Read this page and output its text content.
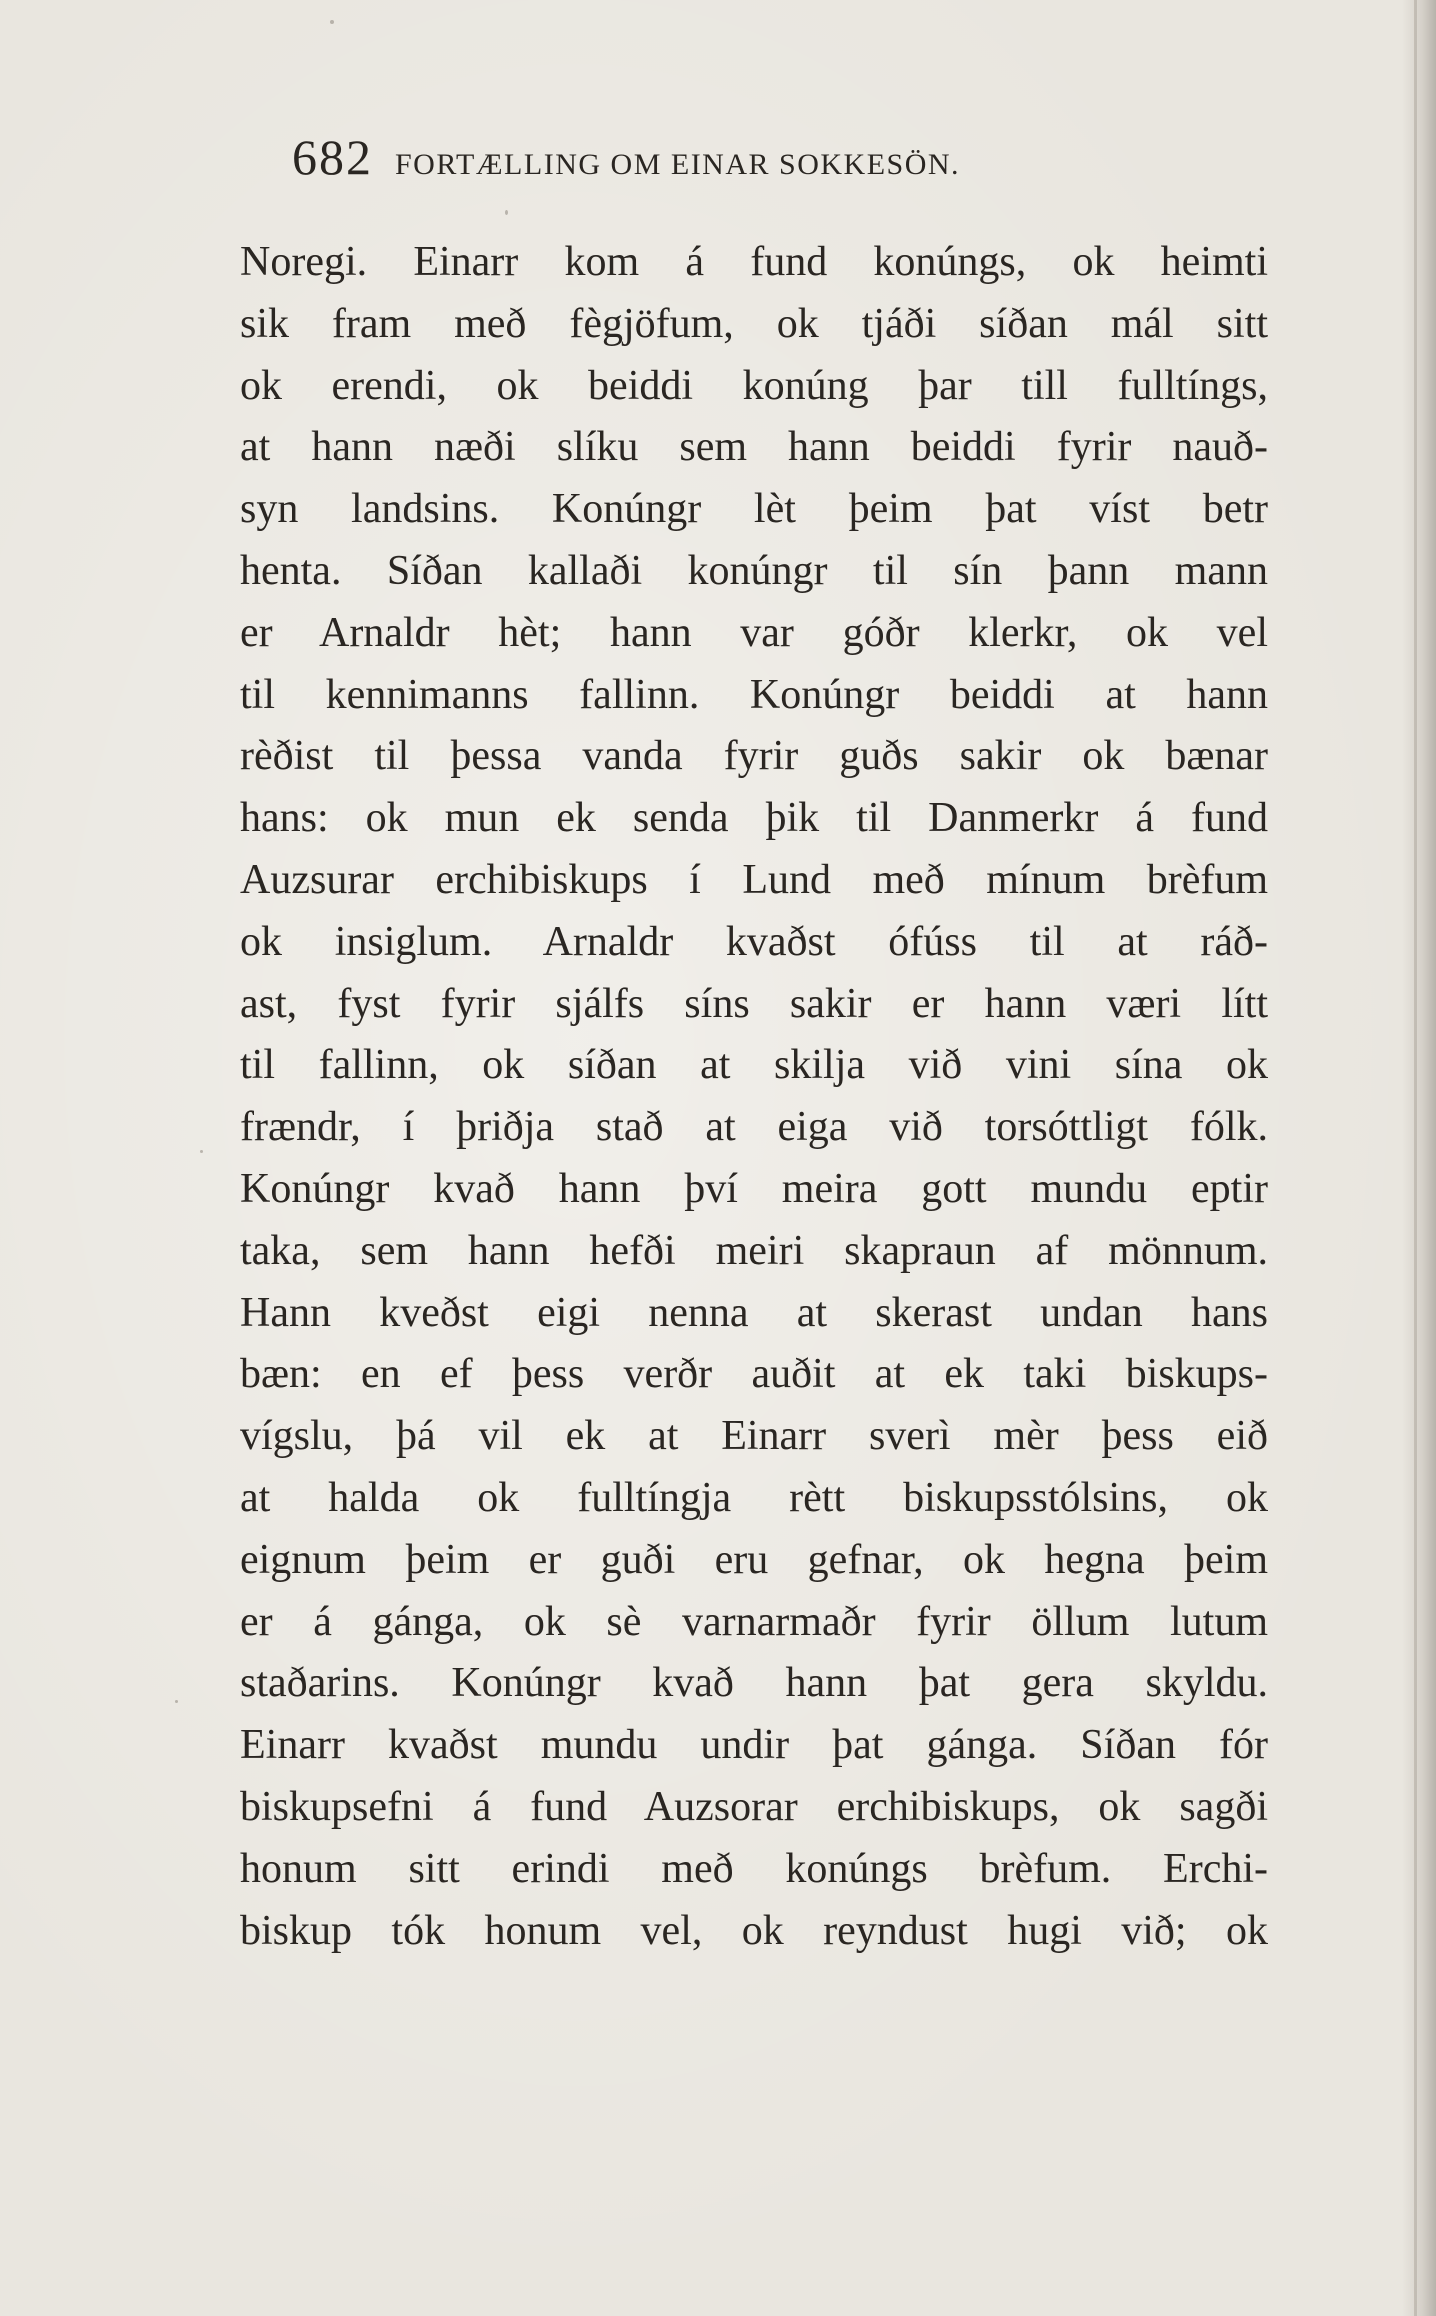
682 FORTÆLLING OM EINAR SOKKESÖN.
Noregi. Einarr kom á fund konúngs, ok heimti
sik fram með fègjöfum, ok tjáði síðan mál sitt
ok erendi, ok beiddi konúng þar till fulltíngs,
at hann næði slíku sem hann beiddi fyrir nauð-
syn landsins. Konúngr lèt þeim þat víst betr
henta. Síðan kallaði konúngr til sín þann mann
er Arnaldr hèt; hann var góðr klerkr, ok vel
til kennimanns fallinn. Konúngr beiddi at hann
rèðist til þessa vanda fyrir guðs sakir ok bænar
hans: ok mun ek senda þik til Danmerkr á fund
Auzsurar erchibiskups í Lund með mínum brèfum
ok insiglum. Arnaldr kvaðst ófúss til at ráð-
ast, fyst fyrir sjálfs síns sakir er hann væri lítt
til fallinn, ok síðan at skilja við vini sína ok
frændr, í þriðja stað at eiga við torsóttligt fólk.
Konúngr kvað hann því meira gott mundu eptir
taka, sem hann hefði meiri skapraun af mönnum.
Hann kveðst eigi nenna at skerast undan hans
bæn: en ef þess verðr auðit at ek taki biskups-
vígslu, þá vil ek at Einarr sverì mèr þess eið
at halda ok fulltíngja rètt biskupsstólsins, ok
eignum þeim er guði eru gefnar, ok hegna þeim
er á gánga, ok sè varnarmaðr fyrir öllum lutum
staðarins. Konúngr kvað hann þat gera skyldu.
Einarr kvaðst mundu undir þat gánga. Síðan fór
biskupsefni á fund Auzsorar erchibiskups, ok sagði
honum sitt erindi með konúngs brèfum. Erchi-
biskup tók honum vel, ok reyndust hugi við; ok
